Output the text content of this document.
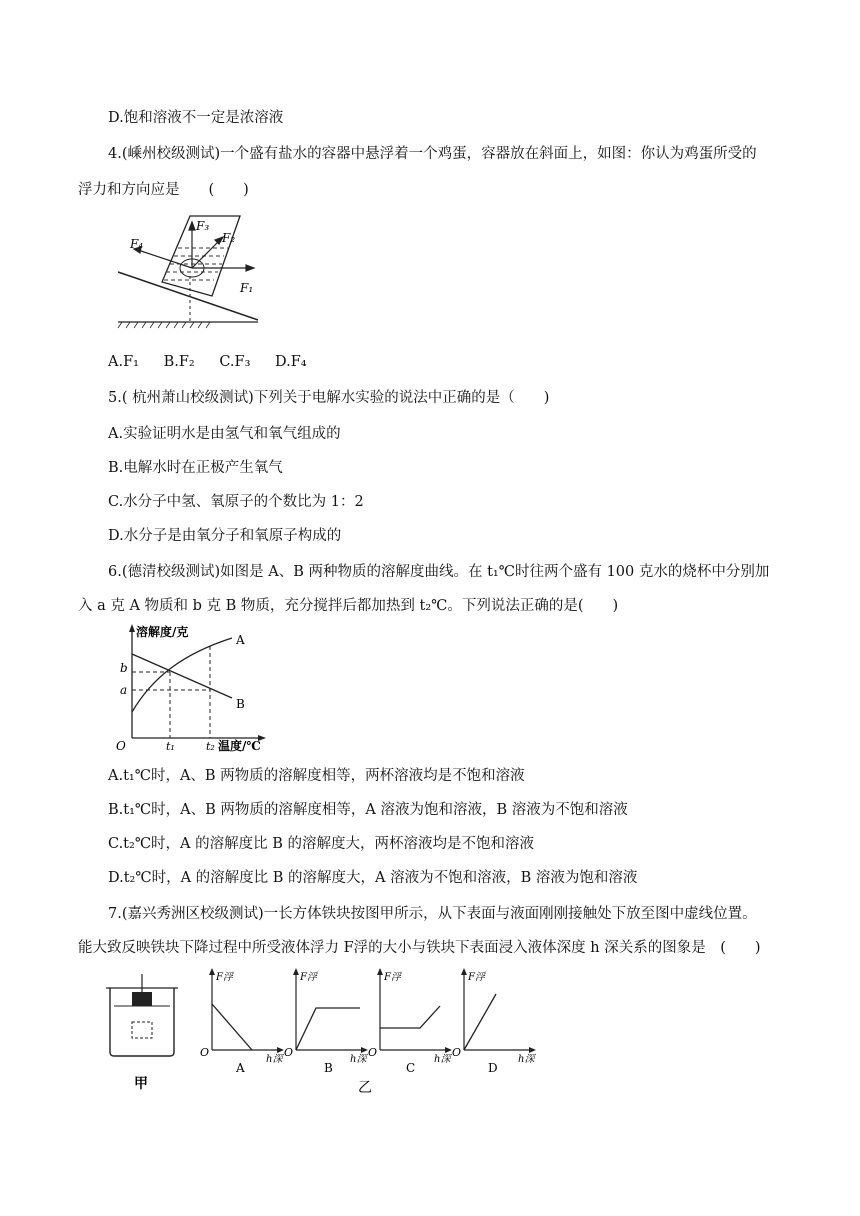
D.饱和溶液不一定是浓溶液
4.(嵊州校级测试)一个盛有盐水的容器中悬浮着一个鸡蛋，容器放在斜面上，如图：你认为鸡蛋所受的
浮力和方向应是　　(　　)
F₃
F₂
F₄
F₁
A.F₁ B.F₂ C.F₃ D.F₄
5.( 杭州萧山校级测试)下列关于电解水实验的说法中正确的是（　　)
A.实验证明水是由氢气和氧气组成的
B.电解水时在正极产生氧气
C.水分子中氢、氧原子的个数比为 1：2
D.水分子是由氧分子和氧原子构成的
6.(德清校级测试)如图是 A、B 两种物质的溶解度曲线。在 t₁℃时往两个盛有 100 克水的烧杯中分别加
入 a 克 A 物质和 b 克 B 物质，充分搅拌后都加热到 t₂℃。下列说法正确的是(　　)
溶解度/克
温度/℃
O
b
a
t₁	t₂
A
B
A.t₁℃时，A、B 两物质的溶解度相等，两杯溶液均是不饱和溶液
B.t₁℃时，A、B 两物质的溶解度相等，A 溶液为饱和溶液，B 溶液为不饱和溶液
C.t₂℃时，A 的溶解度比 B 的溶解度大，两杯溶液均是不饱和溶液
D.t₂℃时，A 的溶解度比 B 的溶解度大，A 溶液为不饱和溶液，B 溶液为饱和溶液
7.(嘉兴秀洲区校级测试)一长方体铁块按图甲所示，从下表面与液面刚刚接触处下放至图中虚线位置。
能大致反映铁块下降过程中所受液体浮力 F浮的大小与铁块下表面浸入液体深度 h 深关系的图象是　(　　)
甲
F浮
h深
O
A
F浮
h深
O
B
乙
F浮
h深
O
C
F浮
h深
O
D
